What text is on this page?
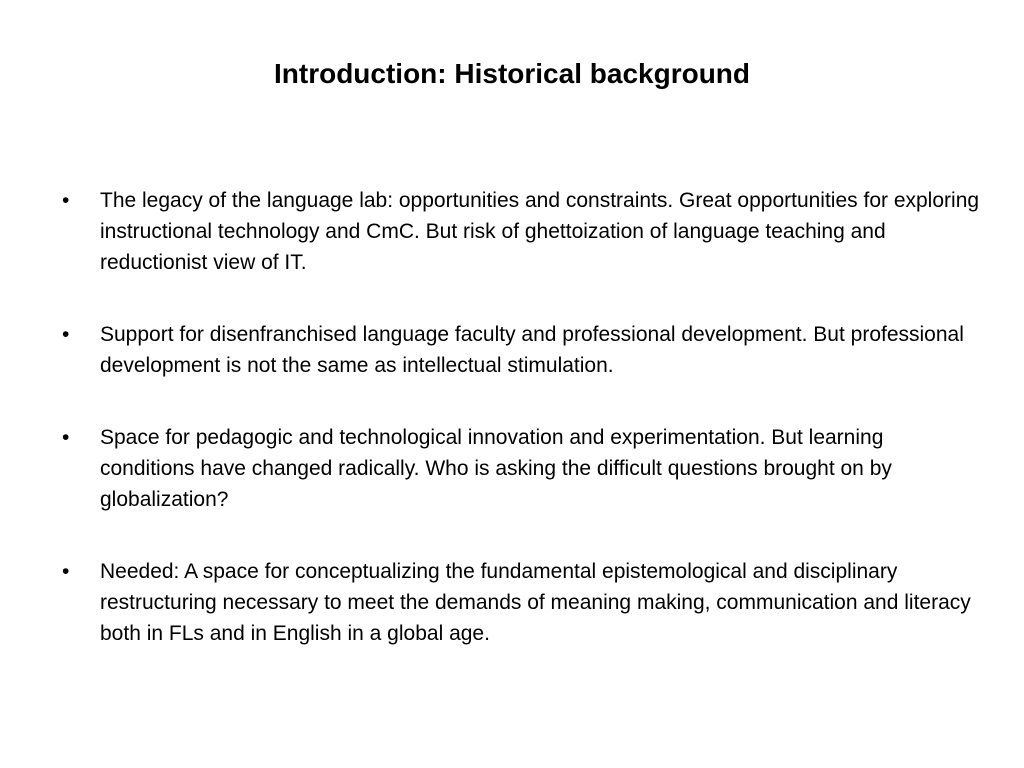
Introduction: Historical background
•	The legacy of the language lab: opportunities and constraints. Great opportunities for exploring instructional technology and CmC. But risk of ghettoization of language teaching and reductionist view of IT.
•	Support for disenfranchised language faculty and professional development. But professional development is not the same as intellectual stimulation.
•	Space for pedagogic and technological innovation and experimentation. But learning conditions have changed radically. Who is asking the difficult questions brought on by globalization?
•	Needed: A space for conceptualizing the fundamental epistemological and disciplinary restructuring necessary to meet the demands of meaning making, communication and literacy both in FLs and in English in a global age.
